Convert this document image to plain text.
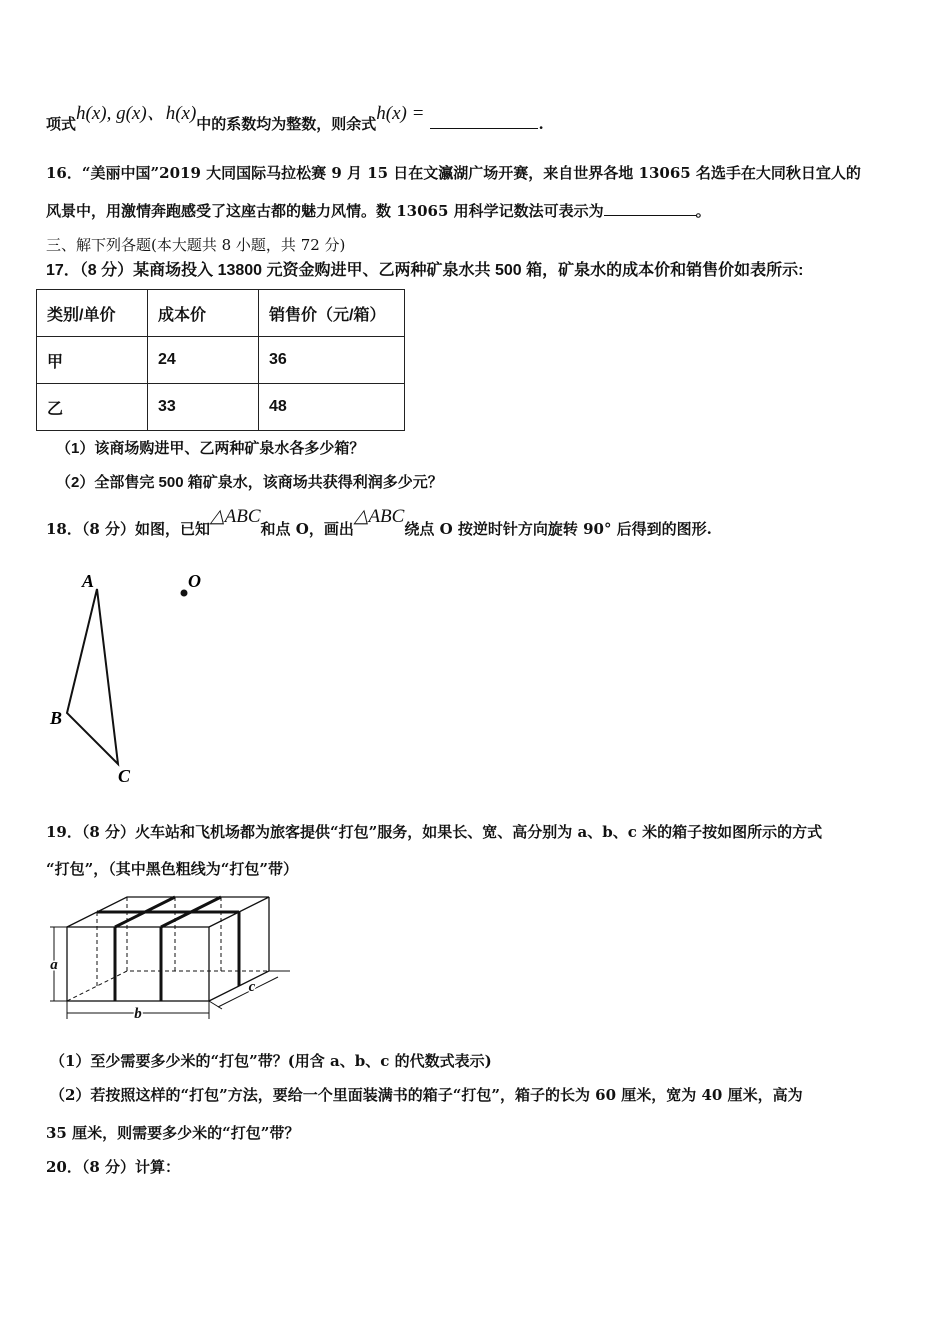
项式h(x), g(x)、h(x)中的系数均为整数，则余式h(x) =	.
16．“美丽中国”2019 大同国际马拉松赛 9 月 15 日在文瀛湖广场开赛，来自世界各地 13065 名选手在大同秋日宜人的
风景中，用激情奔跑感受了这座古都的魅力风情。数 13065 用科学记数法可表示为	。
三、解下列各题(本大题共 8 小题，共 72 分)
17．（8 分）某商场投入 13800 元资金购进甲、乙两种矿泉水共 500 箱，矿泉水的成本价和销售价如表所示:
类别/单价	成本价	销售价（元/箱）
甲	24	36
乙	33	48
（1）该商场购进甲、乙两种矿泉水各多少箱？
（2）全部售完 500 箱矿泉水，该商场共获得利润多少元？
18．（8 分）如图，已知△ABC和点 O，画出△ABC绕点 O 按逆时针方向旋转 90° 后得到的图形.
A
B
C
O
19．（8 分）火车站和飞机场都为旅客提供“打包”服务，如果长、宽、高分别为 a、b、c 米的箱子按如图所示的方式
“打包”，（其中黑色粗线为“打包”带）
a
b
c
（1）至少需要多少米的“打包”带？(用含 a、b、c 的代数式表示)
（2）若按照这样的“打包”方法，要给一个里面装满书的箱子“打包”，箱子的长为 60 厘米，宽为 40 厘米，高为
35 厘米，则需要多少米的“打包”带？
20．（8 分）计算：
